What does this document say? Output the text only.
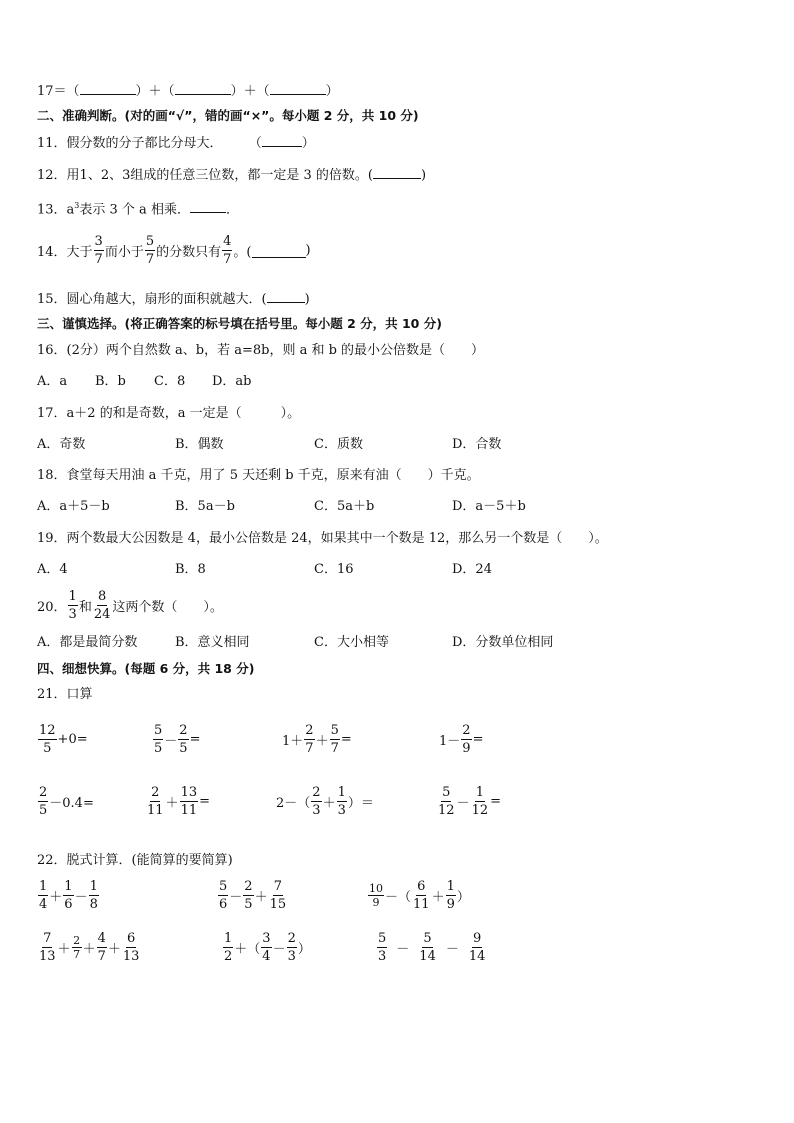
17＝（	）＋（	）＋（	）
二、准确判断。(对的画“√”，错的画“×”。每小题 2 分，共 10 分)
11．假分数的分子都比分母大． （	）
12．用1、2、3组成的任意三位数，都一定是 3 的倍数。(	)
13．$a^3$表示 3 个 a 相乘．	．
14．大于 $\frac{3}{7}$ 而小于 $\frac{5}{7}$ 的分数只有 $\frac{4}{7}$ 。(	)
15．圆心角越大，扇形的面积就越大．(	)
三、谨慎选择。(将正确答案的标号填在括号里。每小题 2 分，共 10 分)
16．(2分）两个自然数 a、b，若 a=8b，则 a 和 b 的最小公倍数是（　　）
A．a B．b C．8 D．ab
17．a＋2 的和是奇数，a 一定是（　　　）。
A．奇数	B．偶数	C．质数	D．合数
18．食堂每天用油 a 千克，用了 5 天还剩 b 千克，原来有油（　　）千克。
A．a＋5－b	B．5a－b	C．5a＋b	D．a－5＋b
19．两个数最大公因数是 4，最小公倍数是 24，如果其中一个数是 12，那么另一个数是（　　）。
A．4	B．8	C．16	D．24
20． $\frac{1}{3}$ 和 $\frac{8}{24}$ 这两个数（　　）。
A．都是最简分数	B．意义相同	C．大小相等	D．分数单位相同
四、细想快算。(每题 6 分，共 18 分)
21．口算
$\frac{12}{5} +0=$	$\frac{5}{5} - \frac{2}{5}$ =	$1+ \frac{2}{7} + \frac{5}{7}$ =	$1- \frac{2}{9}$ =
$\frac{2}{5} -0.4=$	$\frac{2}{11} + \frac{13}{11}$ =	$2-( \frac{2}{3} + \frac{1}{3}$ ）＝	$\frac{5}{12} - \frac{1}{12}$ =
22．脱式计算．(能简算的要简算)
$\frac{1}{4} + \frac{1}{6} - \frac{1}{8}$	$\frac{5}{6} - \frac{2}{5} + \frac{7}{15}$	$\frac{10}{9}$ －（ $\frac{6}{11} + \frac{1}{9}$ ）
$\frac{7}{13} + \frac{2}{7} + \frac{4}{7} + \frac{6}{13}$	$\frac{1}{2}$ ＋（ $\frac{3}{4} - \frac{2}{3}$ ）	$\frac{5}{3} - \frac{5}{14} - \frac{9}{14}$
